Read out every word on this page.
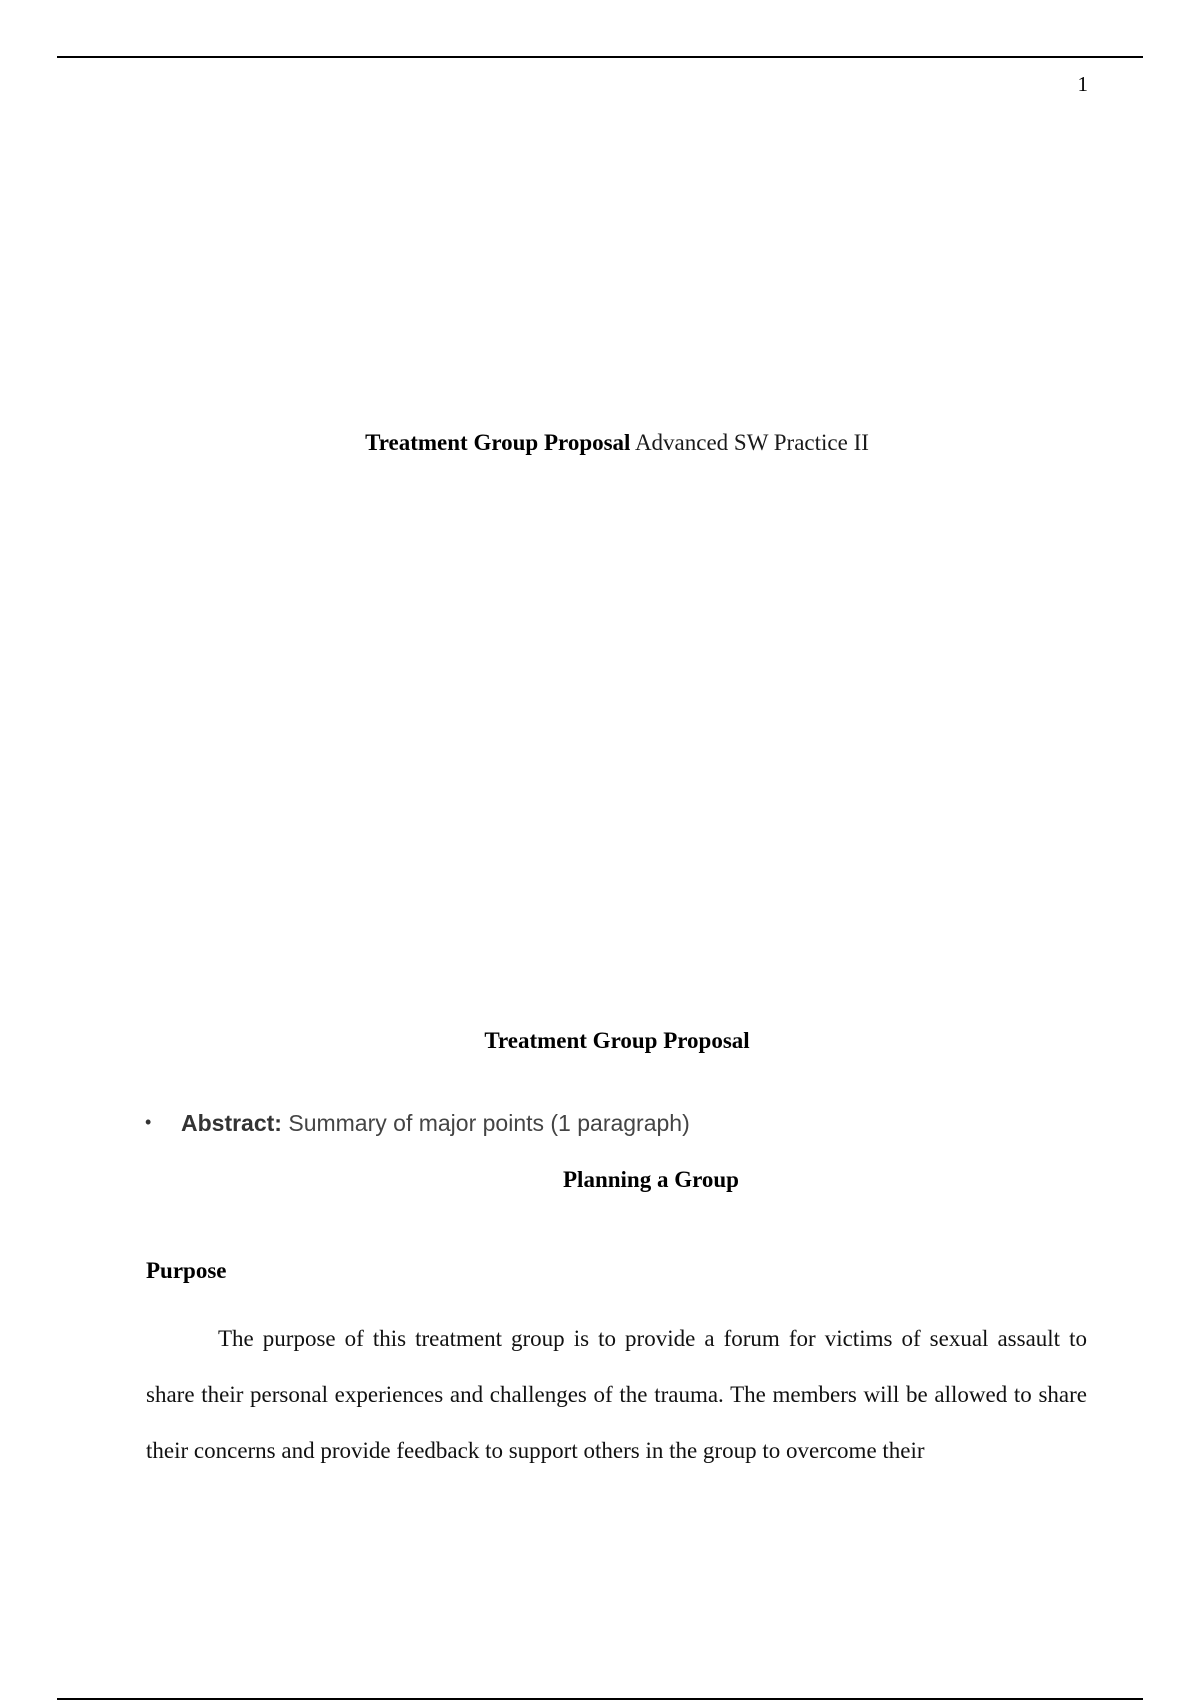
1
Treatment Group Proposal Advanced SW Practice II
Treatment Group Proposal
• Abstract: Summary of major points (1 paragraph)
Planning a Group
Purpose
The purpose of this treatment group is to provide a forum for victims of sexual assault to share their personal experiences and challenges of the trauma. The members will be allowed to share their concerns and provide feedback to support others in the group to overcome their
